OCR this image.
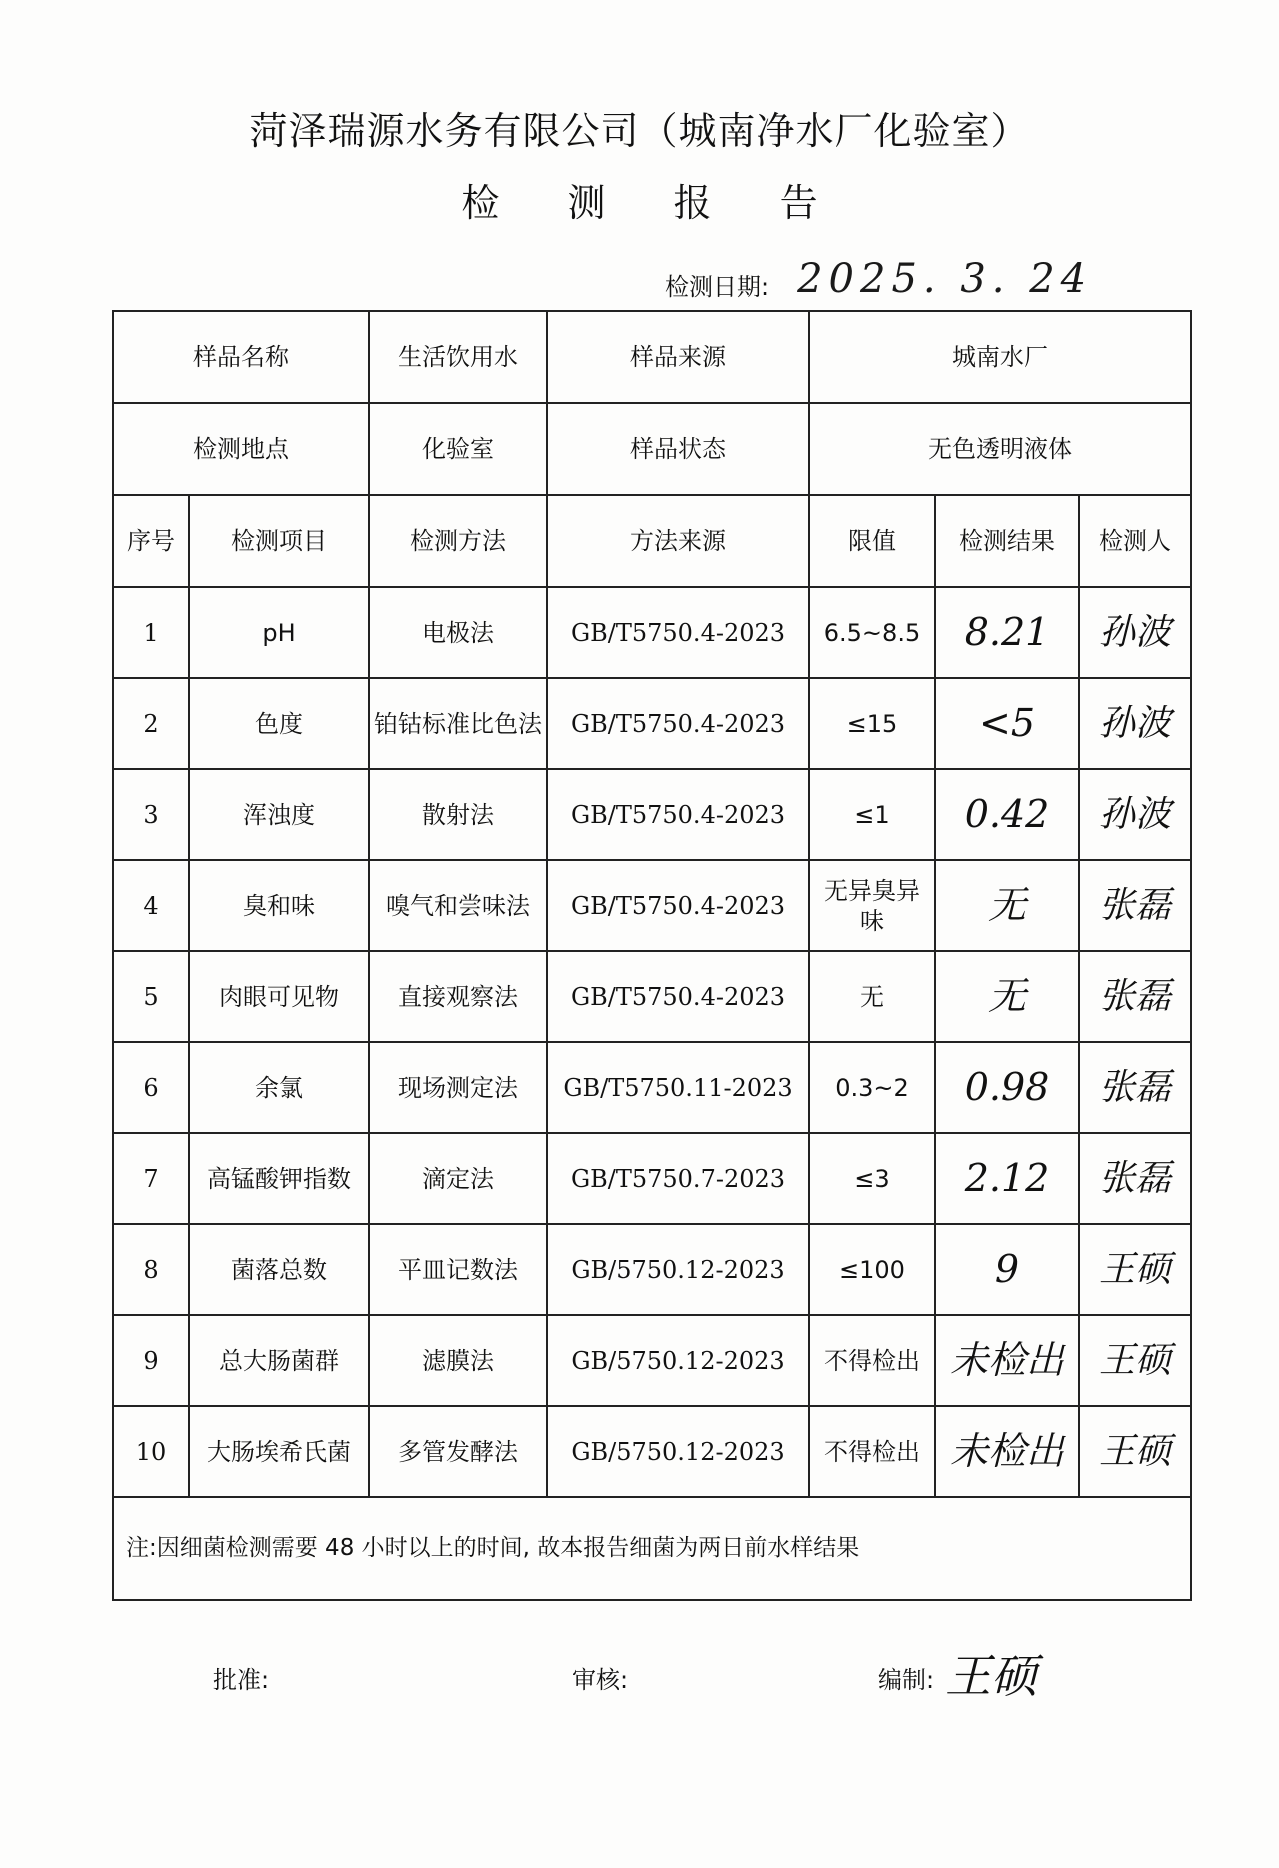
菏泽瑞源水务有限公司（城南净水厂化验室）
检 测 报 告
检测日期: 2025. 3. 24
样品名称		生活饮用水	样品来源	城南水厂		
检测地点		化验室	样品状态	无色透明液体		
序号	检测项目	检测方法	方法来源	限值	检测结果	检测人
1	pH	电极法	GB/T5750.4-2023	6.5~8.5	8.21	孙波
2	色度	铂钴标准比色法	GB/T5750.4-2023	≤15	<5	孙波
3	浑浊度	散射法	GB/T5750.4-2023	≤1	0.42	孙波
4	臭和味	嗅气和尝味法	GB/T5750.4-2023	无异臭异味	无	张磊
5	肉眼可见物	直接观察法	GB/T5750.4-2023	无	无	张磊
6	余氯	现场测定法	GB/T5750.11-2023	0.3~2	0.98	张磊
7	高锰酸钾指数	滴定法	GB/T5750.7-2023	≤3	2.12	张磊
8	菌落总数	平皿记数法	GB/5750.12-2023	≤100	9	王硕
9	总大肠菌群	滤膜法	GB/5750.12-2023	不得检出	未检出	王硕
10	大肠埃希氏菌	多管发酵法	GB/5750.12-2023	不得检出	未检出	王硕
注:因细菌检测需要 48 小时以上的时间, 故本报告细菌为两日前水样结果						
批准:	审核:	编制: 王硕
